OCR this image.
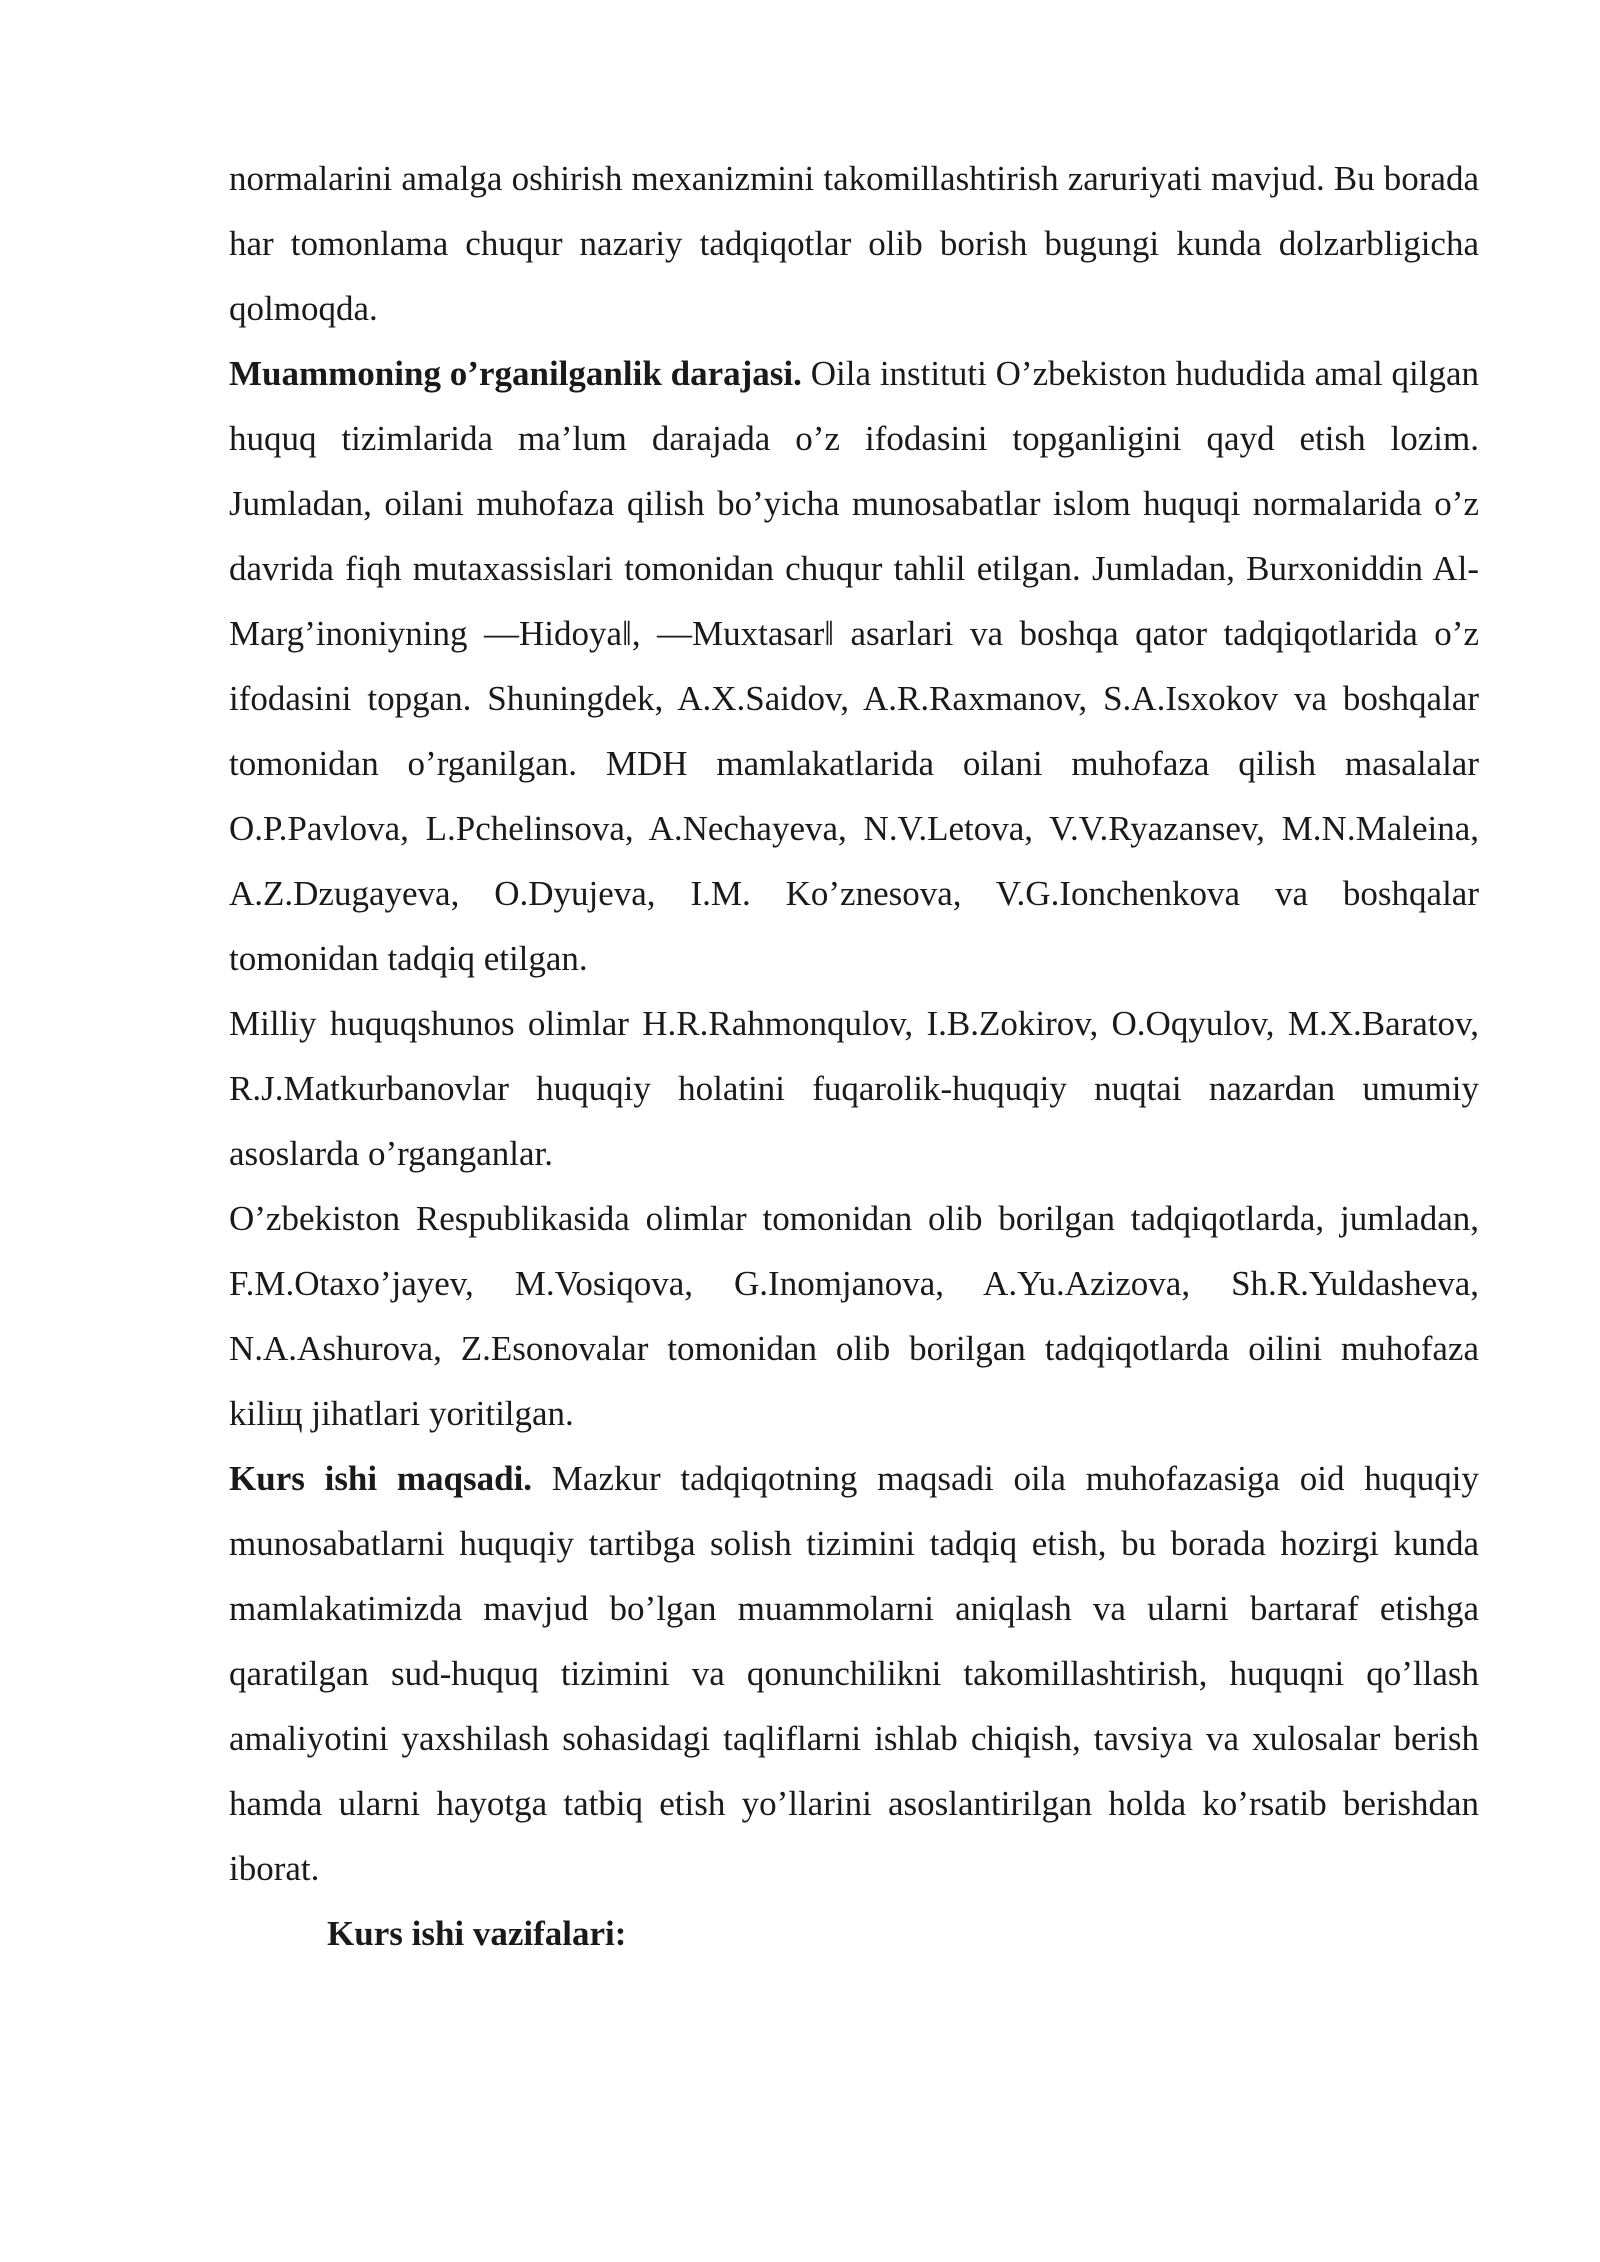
normalarini amalga oshirish mexanizmini takomillashtirish zaruriyati mavjud. Bu borada har tomonlama chuqur nazariy tadqiqotlar olib borish bugungi kunda dolzarbligicha qolmoqda.

Muammoning o’rganilganlik darajasi. Oila instituti O’zbekiston hududida amal qilgan huquq tizimlarida ma’lum darajada o’z ifodasini topganligini qayd etish lozim. Jumladan, oilani muhofaza qilish bo’yicha munosabatlar islom huquqi normalarida o’z davrida fiqh mutaxassislari tomonidan chuqur tahlil etilgan. Jumladan, Burxoniddin Al-Marg’inoniyning ―Hidoya‖, ―Muxtasar‖ asarlari va boshqa qator tadqiqotlarida o’z ifodasini topgan. Shuningdek, A.X.Saidov, A.R.Raxmanov, S.A.Isxokov va boshqalar tomonidan o’rganilgan. MDH mamlakatlarida oilani muhofaza qilish masalalar O.P.Pavlova, L.Pchelinsova, A.Nechayeva, N.V.Letova, V.V.Ryazansev, M.N.Maleina, A.Z.Dzugayeva, O.Dyujeva, I.M. Ko’znesova, V.G.Ionchenkova va boshqalar tomonidan tadqiq etilgan.

Milliy huquqshunos olimlar H.R.Rahmonqulov, I.B.Zokirov, O.Oqyulov, M.X.Baratov, R.J.Matkurbanovlar huquqiy holatini fuqarolik-huquqiy nuqtai nazardan umumiy asoslarda o’rganganlar.

O’zbekiston Respublikasida olimlar tomonidan olib borilgan tadqiqotlarda, jumladan, F.M.Otaxo’jayev, M.Vosiqova, G.Inomjanova, A.Yu.Azizova, Sh.R.Yuldasheva, N.A.Ashurova, Z.Esonovalar tomonidan olib borilgan tadqiqotlarda oilini muhofaza kiliщ jihatlari yoritilgan.

Kurs ishi maqsadi. Mazkur tadqiqotning maqsadi oila muhofazasiga oid huquqiy munosabatlarni huquqiy tartibga solish tizimini tadqiq etish, bu borada hozirgi kunda mamlakatimizda mavjud bo’lgan muammolarni aniqlash va ularni bartaraf etishga qaratilgan sud-huquq tizimini va qonunchilikni takomillashtirish, huquqni qo’llash amaliyotini yaxshilash sohasidagi taqliflarni ishlab chiqish, tavsiya va xulosalar berish hamda ularni hayotga tatbiq etish yo’llarini asoslantirilgan holda ko’rsatib berishdan iborat.

Kurs ishi vazifalari:
